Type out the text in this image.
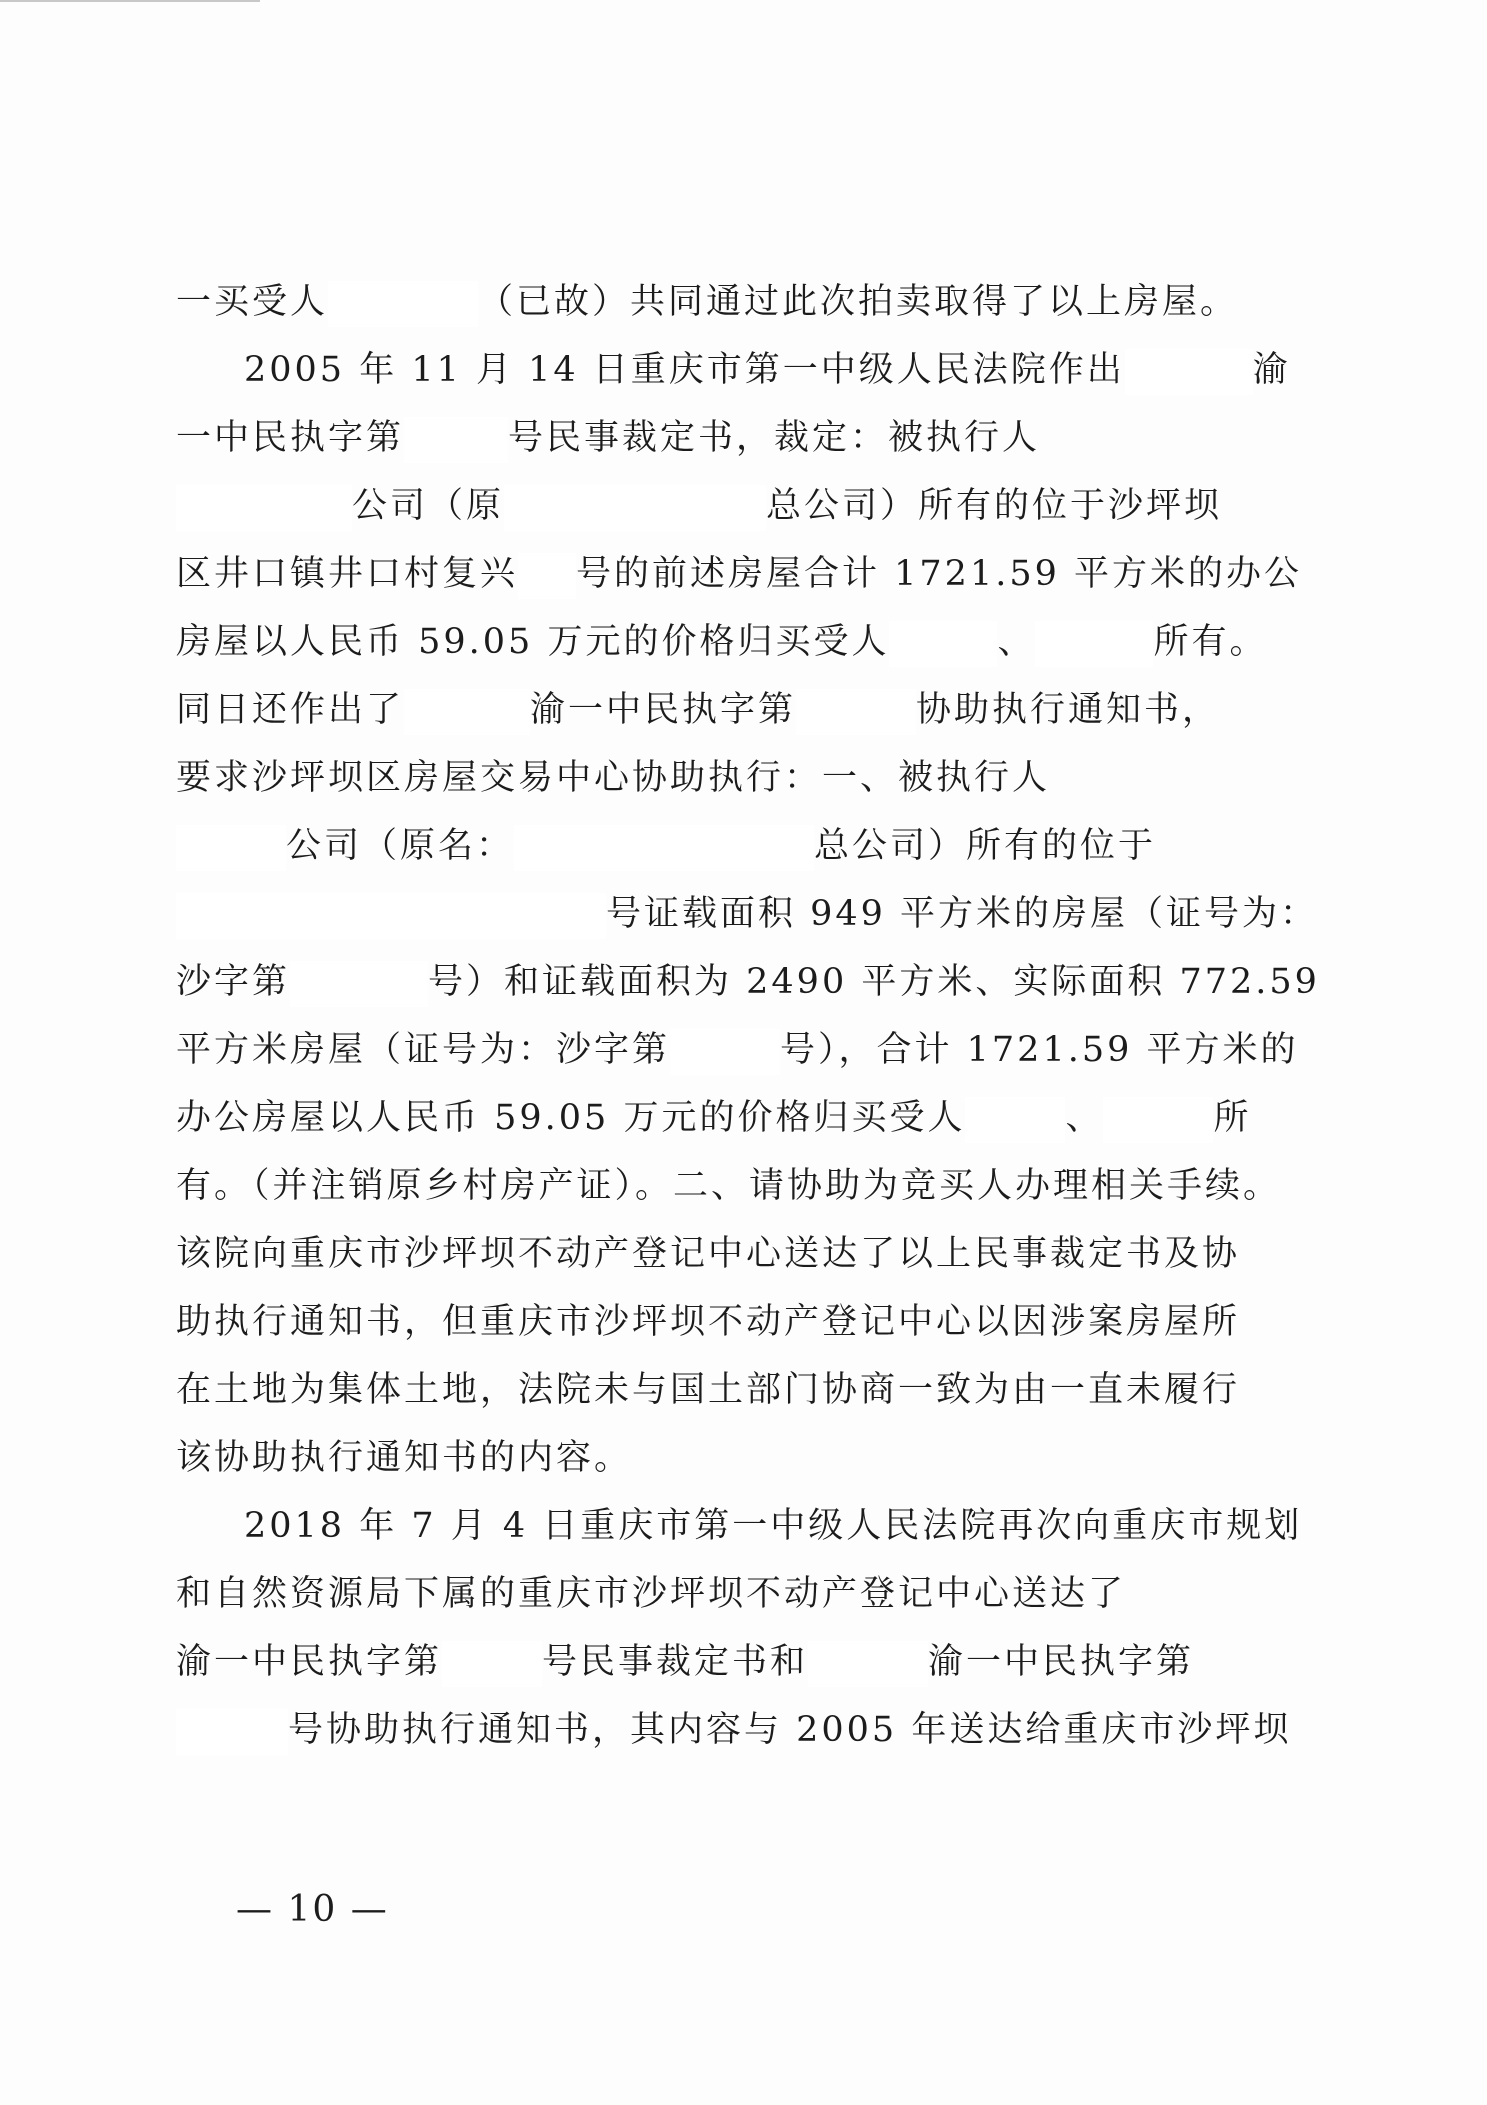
一买受人	（已故）共同通过此次拍卖取得了以上房屋。
2005 年 11 月 14 日重庆市第一中级人民法院作出	渝
一中民执字第	号民事裁定书，裁定：被执行人
公司（原	总公司）所有的位于沙坪坝
区井口镇井口村复兴 号的前述房屋合计 1721.59 平方米的办公
房屋以人民币 59.05 万元的价格归买受人	、	所有。
同日还作出了	渝一中民执字第	协助执行通知书，
要求沙坪坝区房屋交易中心协助执行：一、被执行人
公司（原名：	总公司）所有的位于
号证载面积 949 平方米的房屋（证号为：
沙字第	号）和证载面积为 2490 平方米、实际面积 772.59
平方米房屋（证号为：沙字第	号），合计 1721.59 平方米的
办公房屋以人民币 59.05 万元的价格归买受人	、	所
有。（并注销原乡村房产证）。二、请协助为竞买人办理相关手续。
该院向重庆市沙坪坝不动产登记中心送达了以上民事裁定书及协
助执行通知书，但重庆市沙坪坝不动产登记中心以因涉案房屋所
在土地为集体土地，法院未与国土部门协商一致为由一直未履行
该协助执行通知书的内容。
2018 年 7 月 4 日重庆市第一中级人民法院再次向重庆市规划
和自然资源局下属的重庆市沙坪坝不动产登记中心送达了
渝一中民执字第	号民事裁定书和	渝一中民执字第
号协助执行通知书，其内容与 2005 年送达给重庆市沙坪坝
— 10 —
